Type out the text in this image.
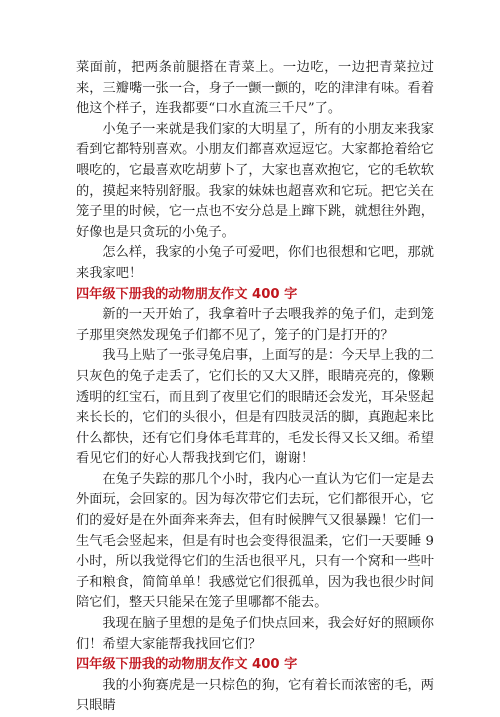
菜面前，把两条前腿搭在青菜上。一边吃，一边把青菜拉过来，三瓣嘴一张一合，身子一颤一颤的，吃的津津有味。看着他这个样子，连我都要“口水直流三千尺”了。

小兔子一来就是我们家的大明星了，所有的小朋友来我家看到它都特别喜欢。小朋友们都喜欢逗逗它。大家都抢着给它喂吃的，它最喜欢吃胡萝卜了，大家也喜欢抱它，它的毛软软的，摸起来特别舒服。我家的妹妹也超喜欢和它玩。把它关在笼子里的时候，它一点也不安分总是上蹿下跳，就想往外跑，好像也是只贪玩的小兔子。

怎么样，我家的小兔子可爱吧，你们也很想和它吧，那就来我家吧！

四年级下册我的动物朋友作文 400 字

新的一天开始了，我拿着叶子去喂我养的兔子们，走到笼子那里突然发现兔子们都不见了，笼子的门是打开的？

我马上贴了一张寻兔启事，上面写的是：今天早上我的二只灰色的兔子走丢了，它们长的又大又胖，眼睛亮亮的，像颗透明的红宝石，而且到了夜里它们的眼睛还会发光，耳朵竖起来长长的，它们的头很小，但是有四肢灵活的脚，真跑起来比什么都快，还有它们身体毛茸茸的，毛发长得又长又细。希望看见它们的好心人帮我找到它们，谢谢！

在兔子失踪的那几个小时，我内心一直认为它们一定是去外面玩，会回家的。因为每次带它们去玩，它们都很开心，它们的爱好是在外面奔来奔去，但有时候脾气又很暴躁！它们一生气毛会竖起来，但是有时也会变得很温柔，它们一天要睡 9 小时，所以我觉得它们的生活也很平凡，只有一个窝和一些叶子和粮食，简简单单！我感觉它们很孤单，因为我也很少时间陪它们，整天只能呆在笼子里哪都不能去。

我现在脑子里想的是兔子们快点回来，我会好好的照顾你们！希望大家能帮我找回它们？

四年级下册我的动物朋友作文 400 字

我的小狗赛虎是一只棕色的狗，它有着长而浓密的毛，两只眼睛
